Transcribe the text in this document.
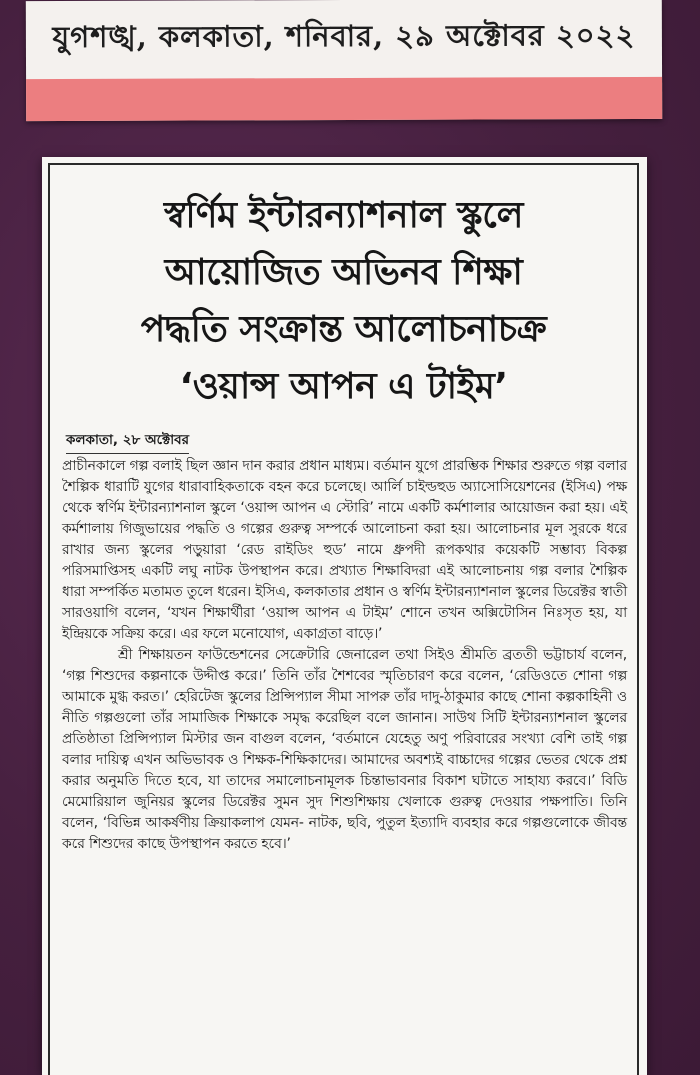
যুগশঙ্খ, কলকাতা, শনিবার, ২৯ অক্টোবর ২০২২
স্বর্ণিম ইন্টারন্যাশনাল স্কুলে
আয়োজিত অভিনব শিক্ষা
পদ্ধতি সংক্রান্ত আলোচনাচক্র
‘ওয়ান্স আপন এ টাইম’
কলকাতা, ২৮ অক্টোবর

প্রাচীনকালে গল্প বলাই ছিল জ্ঞান দান করার প্রধান মাধ্যম। বর্তমান যুগে প্রারম্ভিক শিক্ষার শুরুতে গল্প বলার শৈল্পিক ধারাটি যুগের ধারাবাহিকতাকে বহন করে চলেছে। আর্লি চাইল্ডহুড অ্যাসোসিয়েশনের (ইসিএ) পক্ষ থেকে স্বর্ণিম ইন্টারন্যাশনাল স্কুলে ‘ওয়ান্স আপন এ স্টোরি’ নামে একটি কর্মশালার আয়োজন করা হয়। এই কর্মশালায় গিজুভায়ের পদ্ধতি ও গল্পের গুরুত্ব সম্পর্কে আলোচনা করা হয়। আলোচনার মূল সুরকে ধরে রাখার জন্য স্কুলের পড়ুয়ারা ‘রেড রাইডিং হুড’ নামে ধ্রুপদী রূপকথার কয়েকটি সম্ভাব্য বিকল্প পরিসমাপ্তিসহ একটি লঘু নাটক উপস্থাপন করে। প্রখ্যাত শিক্ষাবিদরা এই আলোচনায় গল্প বলার শৈল্পিক ধারা সম্পর্কিত মতামত তুলে ধরেন। ইসিএ, কলকাতার প্রধান ও স্বর্ণিম ইন্টারন্যাশনাল স্কুলের ডিরেক্টর স্বাতী সারওয়াগি বলেন, ‘যখন শিক্ষার্থীরা ‘ওয়ান্স আপন এ টাইম’ শোনে তখন অক্সিটোসিন নিঃসৃত হয়, যা ইন্দ্রিয়কে সক্রিয় করে। এর ফলে মনোযোগ, একাগ্রতা বাড়ে।’

শ্রী শিক্ষায়তন ফাউন্ডেশনের সেক্রেটারি জেনারেল তথা সিইও শ্রীমতি ব্রততী ভট্টাচার্য বলেন, ‘গল্প শিশুদের কল্পনাকে উদ্দীপ্ত করে।’ তিনি তাঁর শৈশবের স্মৃতিচারণ করে বলেন, ‘রেডিওতে শোনা গল্প আমাকে মুগ্ধ করত।’ হেরিটেজ স্কুলের প্রিন্সিপ্যাল সীমা সাপরু তাঁর দাদু-ঠাকুমার কাছে শোনা কল্পকাহিনী ও নীতি গল্পগুলো তাঁর সামাজিক শিক্ষাকে সমৃদ্ধ করেছিল বলে জানান। সাউথ সিটি ইন্টারন্যাশনাল স্কুলের প্রতিষ্ঠাতা প্রিন্সিপ্যাল মিস্টার জন বাগুল বলেন, ‘বর্তমানে যেহেতু অণু পরিবারের সংখ্যা বেশি তাই গল্প বলার দায়িত্ব এখন অভিভাবক ও শিক্ষক-শিক্ষিকাদের। আমাদের অবশ্যই বাচ্চাদের গল্পের ভেতর থেকে প্রশ্ন করার অনুমতি দিতে হবে, যা তাদের সমালোচনামূলক চিন্তাভাবনার বিকাশ ঘটাতে সাহায্য করবে।’ বিডি মেমোরিয়াল জুনিয়র স্কুলের ডিরেক্টর সুমন সুদ শিশুশিক্ষায় খেলাকে গুরুত্ব দেওয়ার পক্ষপাতি। তিনি বলেন, ‘বিভিন্ন আকর্ষণীয় ক্রিয়াকলাপ যেমন- নাটক, ছবি, পুতুল ইত্যাদি ব্যবহার করে গল্পগুলোকে জীবন্ত করে শিশুদের কাছে উপস্থাপন করতে হবে।’
